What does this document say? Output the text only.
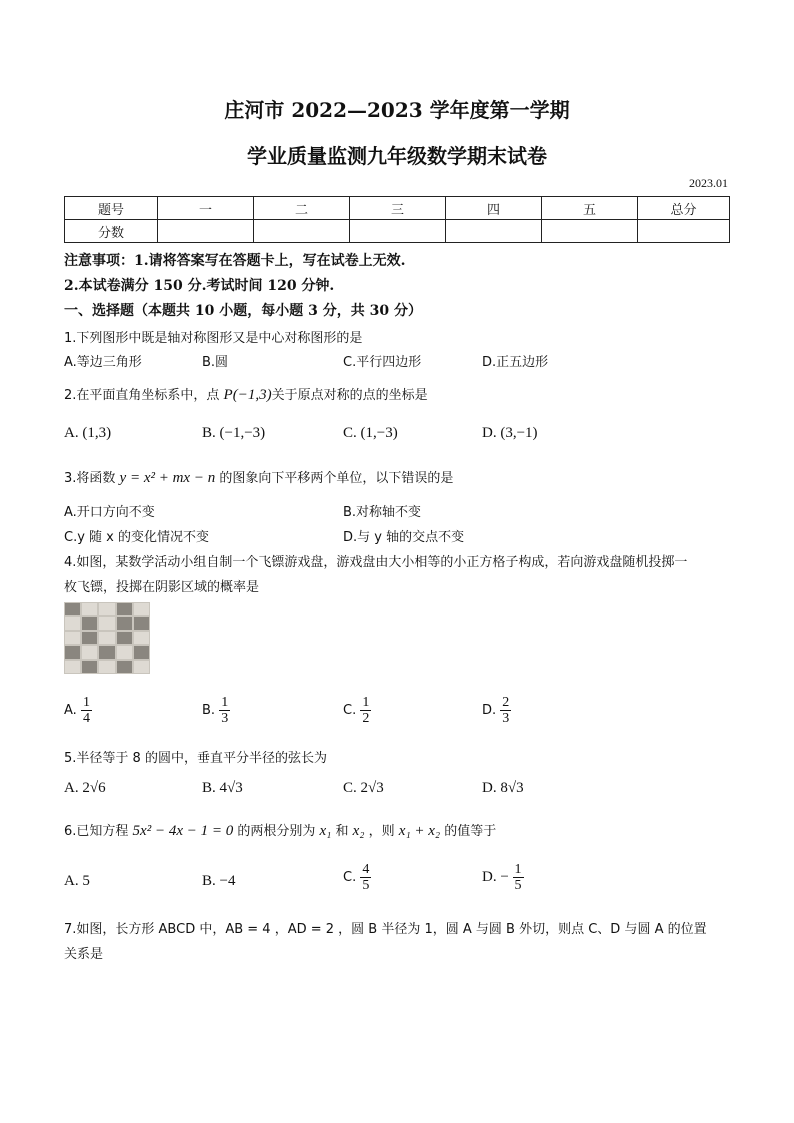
庄河市 2022—2023 学年度第一学期
学业质量监测九年级数学期末试卷
2023.01
题号	一	二	三	四	五	总分
分数						
注意事项：1.请将答案写在答题卡上，写在试卷上无效.
2.本试卷满分 150 分.考试时间 120 分钟.
一、选择题（本题共 10 小题，每小题 3 分，共 30 分）
1.下列图形中既是轴对称图形又是中心对称图形的是
A.等边三角形	B.圆	C.平行四边形	D.正五边形
2.在平面直角坐标系中，点 P(−1,3)关于原点对称的点的坐标是
A. (1,3)	B. (−1,−3)	C. (1,−3)	D. (3,−1)
3.将函数 y = x² + mx − n 的图象向下平移两个单位，以下错误的是
A.开口方向不变	B.对称轴不变
C.y 随 x 的变化情况不变	D.与 y 轴的交点不变
4.如图，某数学活动小组自制一个飞镖游戏盘，游戏盘由大小相等的小正方格子构成，若向游戏盘随机投掷一
枚飞镖，投掷在阴影区域的概率是
A. $\frac{1}{4}$	B. $\frac{1}{3}$	C. $\frac{1}{2}$	D. $\frac{2}{3}$
5.半径等于 8 的圆中，垂直平分半径的弦长为
A. 2√6	B. 4√3	C. 2√3	D. 8√3
6.已知方程 5x² − 4x − 1 = 0 的两根分别为 x₁ 和 x₂ ，则 x₁ + x₂ 的值等于
A. 5	B. −4	C. $\frac{4}{5}$	D. − $\frac{1}{5}$
7.如图，长方形 ABCD 中，AB = 4 ，AD = 2 ，圆 B 半径为 1，圆 A 与圆 B 外切，则点 C、D 与圆 A 的位置
关系是
